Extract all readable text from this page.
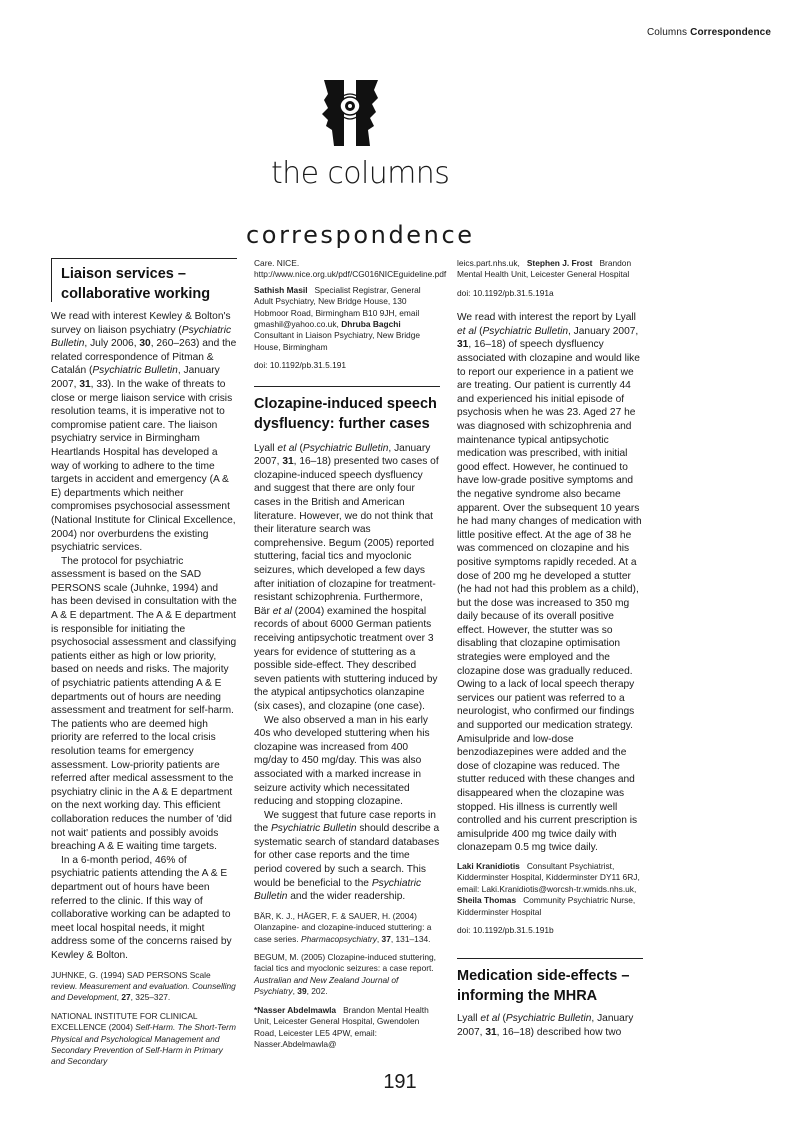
Columns Correspondence
the columns
correspondence
Liaison services –
collaborative working

We read with interest Kewley & Bolton's survey on liaison psychiatry (Psychiatric Bulletin, July 2006, 30, 260–263) and the related correspondence of Pitman & Catalán (Psychiatric Bulletin, January 2007, 31, 33). In the wake of threats to close or merge liaison service with crisis resolution teams, it is imperative not to compromise patient care. The liaison psychiatry service in Birmingham Heartlands Hospital has developed a way of working to adhere to the time targets in accident and emergency (A & E) departments which neither compromises psychosocial assessment (National Institute for Clinical Excellence, 2004) nor overburdens the existing psychiatric services.

The protocol for psychiatric assessment is based on the SAD PERSONS scale (Juhnke, 1994) and has been devised in consultation with the A & E department. The A & E department is responsible for initiating the psychosocial assessment and classifying patients either as high or low priority, based on needs and risks. The majority of psychiatric patients attending A & E departments out of hours are needing assessment and treatment for self-harm. The patients who are deemed high priority are referred to the local crisis resolution teams for emergency assessment. Low-priority patients are referred after medical assessment to the psychiatry clinic in the A & E department on the next working day. This efficient collaboration reduces the number of 'did not wait' patients and possibly avoids breaching A & E waiting time targets.

In a 6-month period, 46% of psychiatric patients attending the A & E department out of hours have been referred to the clinic. If this way of collaborative working can be adapted to meet local hospital needs, it might address some of the concerns raised by Kewley & Bolton.

JUHNKE, G. (1994) SAD PERSONS Scale review. Measurement and evaluation. Counselling and Development, 27, 325–327.
NATIONAL INSTITUTE FOR CLINICAL EXCELLENCE (2004) Self-Harm. The Short-Term Physical and Psychological Management and Secondary Prevention of Self-Harm in Primary and Secondary
Care. NICE. http://www.nice.org.uk/pdf/CG016NICEguideline.pdf
Sathish Masil Specialist Registrar, General Adult Psychiatry, New Bridge House, 130 Hobmoor Road, Birmingham B10 9JH, email gmashil@yahoo.co.uk, Dhruba Bagchi   Consultant in Liaison Psychiatry, New Bridge House, Birmingham
doi: 10.1192/pb.31.5.191
Clozapine-induced speech
dysfluency: further cases

Lyall et al (Psychiatric Bulletin, January 2007, 31, 16–18) presented two cases of clozapine-induced speech dysfluency and suggest that there are only four cases in the British and American literature. However, we do not think that their literature search was comprehensive. Begum (2005) reported stuttering, facial tics and myoclonic seizures, which developed a few days after initiation of clozapine for treatment-resistant schizophrenia. Furthermore, Bär et al (2004) examined the hospital records of about 6000 German patients receiving antipsychotic treatment over 3 years for evidence of stuttering as a possible side-effect. They described seven patients with stuttering induced by the atypical antipsychotics olanzapine (six cases), and clozapine (one case).

We also observed a man in his early 40s who developed stuttering when his clozapine was increased from 400 mg/day to 450 mg/day. This was also associated with a marked increase in seizure activity which necessitated reducing and stopping clozapine.

We suggest that future case reports in the Psychiatric Bulletin should describe a systematic search of standard databases for other case reports and the time period covered by such a search. This would be beneficial to the Psychiatric Bulletin and the wider readership.

BÄR, K. J., HÄGER, F. & SAUER, H. (2004) Olanzapine- and clozapine-induced stuttering: a case series. Pharmacopsychiatry, 37, 131–134.
BEGUM, M. (2005) Clozapine-induced stuttering, facial tics and myoclonic seizures: a case report. Australian and New Zealand Journal of Psychiatry, 39, 202.
*Nasser Abdelmawla Brandon Mental Health Unit, Leicester General Hospital, Gwendolen Road, Leicester LE5 4PW, email: Nasser.Abdelmawla@
leics.part.nhs.uk, Stephen J. Frost Brandon Mental Health Unit, Leicester General Hospital
doi: 10.1192/pb.31.5.191a

We read with interest the report by Lyall et al (Psychiatric Bulletin, January 2007, 31, 16–18) of speech dysfluency associated with clozapine and would like to report our experience in a patient we are treating. Our patient is currently 44 and experienced his initial episode of psychosis when he was 23. Aged 27 he was diagnosed with schizophrenia and maintenance typical antipsychotic medication was prescribed, with initial good effect. However, he continued to have low-grade positive symptoms and the negative syndrome also became apparent. Over the subsequent 10 years he had many changes of medication with little positive effect. At the age of 38 he was commenced on clozapine and his positive symptoms rapidly receded. At a dose of 200 mg he developed a stutter (he had not had this problem as a child), but the dose was increased to 350 mg daily because of its overall positive effect. However, the stutter was so disabling that clozapine optimisation strategies were employed and the clozapine dose was gradually reduced. Owing to a lack of local speech therapy services our patient was referred to a neurologist, who confirmed our findings and supported our medication strategy. Amisulpride and low-dose benzodiazepines were added and the dose of clozapine was reduced. The stutter reduced with these changes and disappeared when the clozapine was stopped. His illness is currently well controlled and his current prescription is amisulpride 400 mg twice daily with clonazepam 0.5 mg twice daily.

Laki Kranidiotis Consultant Psychiatrist, Kidderminster Hospital, Kidderminster DY11 6RJ, email: Laki.Kranidiotis@worcsh-tr.wmids.nhs.uk, Sheila Thomas Community Psychiatric Nurse, Kidderminster Hospital
doi: 10.1192/pb.31.5.191b
Medication side-effects –
informing the MHRA

Lyall et al (Psychiatric Bulletin, January 2007, 31, 16–18) described how two

191
